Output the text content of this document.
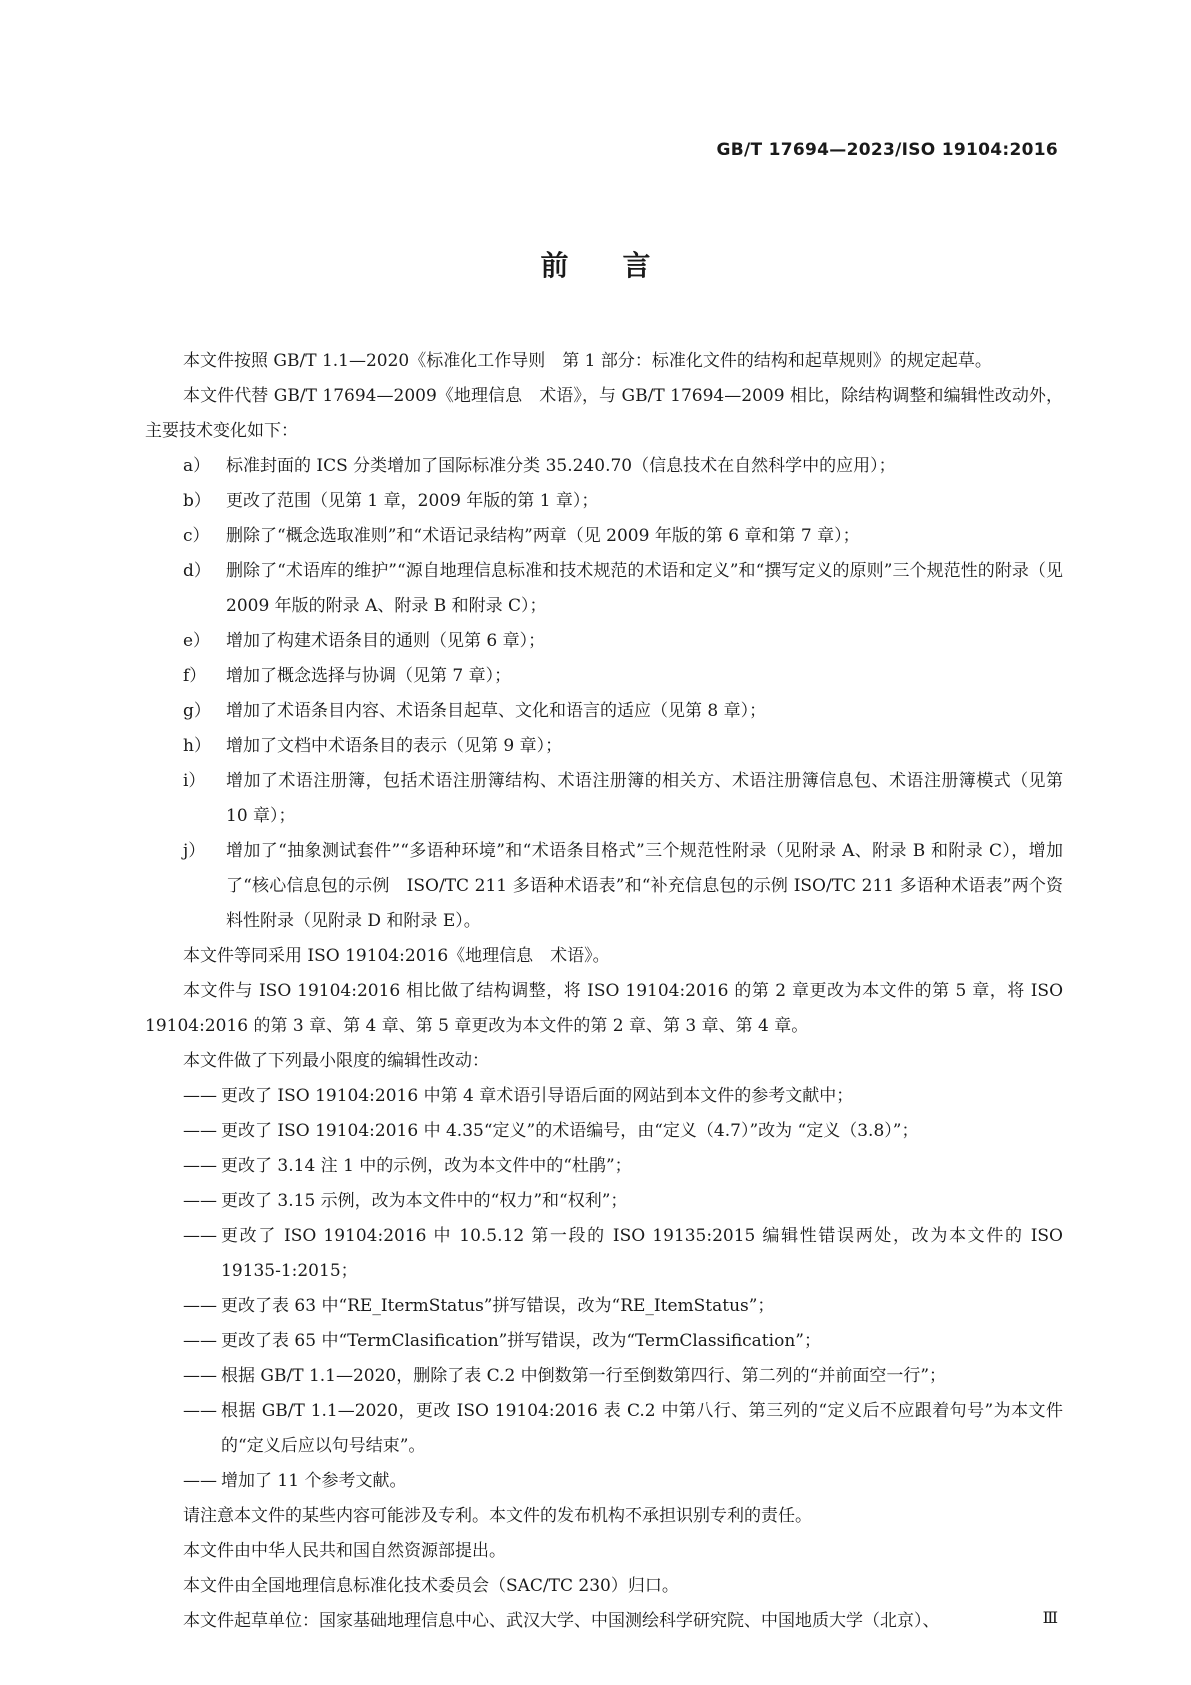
GB/T 17694—2023/ISO 19104:2016
前言
本文件按照 GB/T 1.1—2020《标准化工作导则　第 1 部分：标准化文件的结构和起草规则》的规定起草。
本文件代替 GB/T 17694—2009《地理信息　术语》，与 GB/T 17694—2009 相比，除结构调整和编辑性改动外，主要技术变化如下：
a） 标准封面的 ICS 分类增加了国际标准分类 35.240.70（信息技术在自然科学中的应用）；
b） 更改了范围（见第 1 章，2009 年版的第 1 章）；
c） 删除了“概念选取准则”和“术语记录结构”两章（见 2009 年版的第 6 章和第 7 章）；
d） 删除了“术语库的维护”“源自地理信息标准和技术规范的术语和定义”和“撰写定义的原则”三个规范性的附录（见 2009 年版的附录 A、附录 B 和附录 C）；
e） 增加了构建术语条目的通则（见第 6 章）；
f） 增加了概念选择与协调（见第 7 章）；
g） 增加了术语条目内容、术语条目起草、文化和语言的适应（见第 8 章）；
h） 增加了文档中术语条目的表示（见第 9 章）；
i） 增加了术语注册簿，包括术语注册簿结构、术语注册簿的相关方、术语注册簿信息包、术语注册簿模式（见第 10 章）；
j） 增加了“抽象测试套件”“多语种环境”和“术语条目格式”三个规范性附录（见附录 A、附录 B 和附录 C），增加了“核心信息包的示例　ISO/TC 211 多语种术语表”和“补充信息包的示例 ISO/TC 211 多语种术语表”两个资料性附录（见附录 D 和附录 E）。
本文件等同采用 ISO 19104:2016《地理信息　术语》。
本文件与 ISO 19104:2016 相比做了结构调整，将 ISO 19104:2016 的第 2 章更改为本文件的第 5 章，将 ISO 19104:2016 的第 3 章、第 4 章、第 5 章更改为本文件的第 2 章、第 3 章、第 4 章。
本文件做了下列最小限度的编辑性改动：
—— 更改了 ISO 19104:2016 中第 4 章术语引导语后面的网站到本文件的参考文献中；
—— 更改了 ISO 19104:2016 中 4.35“定义”的术语编号，由“定义（4.7）”改为 “定义（3.8）”；
—— 更改了 3.14 注 1 中的示例，改为本文件中的“杜鹃”；
—— 更改了 3.15 示例，改为本文件中的“权力”和“权利”；
—— 更改了 ISO 19104:2016 中 10.5.12 第一段的 ISO 19135:2015 编辑性错误两处，改为本文件的 ISO 19135-1:2015；
—— 更改了表 63 中“RE_ItermStatus”拼写错误，改为“RE_ItemStatus”；
—— 更改了表 65 中“TermClasification”拼写错误，改为“TermClassification”；
—— 根据 GB/T 1.1—2020，删除了表 C.2 中倒数第一行至倒数第四行、第二列的“并前面空一行”；
—— 根据 GB/T 1.1—2020，更改 ISO 19104:2016 表 C.2 中第八行、第三列的“定义后不应跟着句号”为本文件的“定义后应以句号结束”。
—— 增加了 11 个参考文献。
请注意本文件的某些内容可能涉及专利。本文件的发布机构不承担识别专利的责任。
本文件由中华人民共和国自然资源部提出。
本文件由全国地理信息标准化技术委员会（SAC/TC 230）归口。
本文件起草单位：国家基础地理信息中心、武汉大学、中国测绘科学研究院、中国地质大学（北京）、	Ⅲ
